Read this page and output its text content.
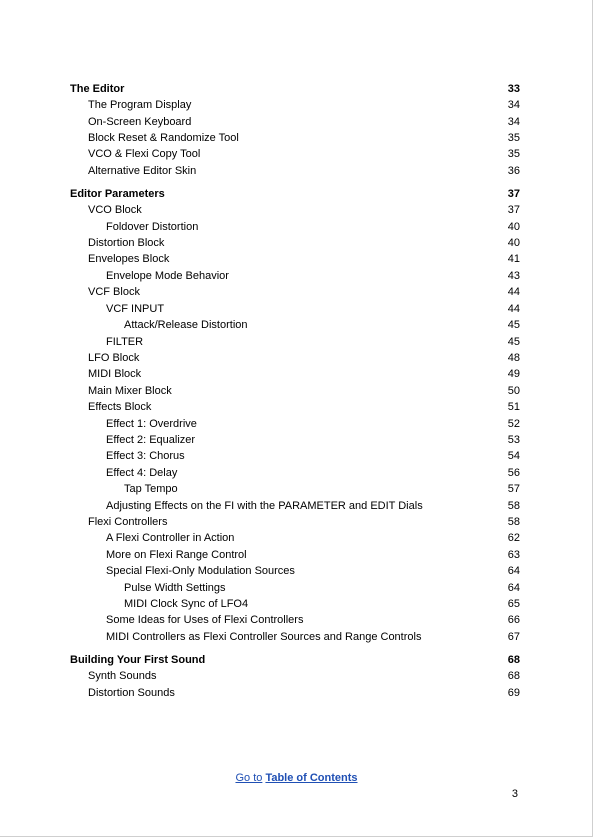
The Editor	33
The Program Display	34
On-Screen Keyboard	34
Block Reset & Randomize Tool	35
VCO & Flexi Copy Tool	35
Alternative Editor Skin	36
Editor Parameters	37
VCO Block	37
Foldover Distortion	40
Distortion Block	40
Envelopes Block	41
Envelope Mode Behavior	43
VCF Block	44
VCF INPUT	44
Attack/Release Distortion	45
FILTER	45
LFO Block	48
MIDI Block	49
Main Mixer Block	50
Effects Block	51
Effect 1: Overdrive	52
Effect 2: Equalizer	53
Effect 3: Chorus	54
Effect 4: Delay	56
Tap Tempo	57
Adjusting Effects on the FI with the PARAMETER and EDIT Dials	58
Flexi Controllers	58
A Flexi Controller in Action	62
More on Flexi Range Control	63
Special Flexi-Only Modulation Sources	64
Pulse Width Settings	64
MIDI Clock Sync of LFO4	65
Some Ideas for Uses of Flexi Controllers	66
MIDI Controllers as Flexi Controller Sources and Range Controls	67
Building Your First Sound	68
Synth Sounds	68
Distortion Sounds	69
Go to Table of Contents
3
